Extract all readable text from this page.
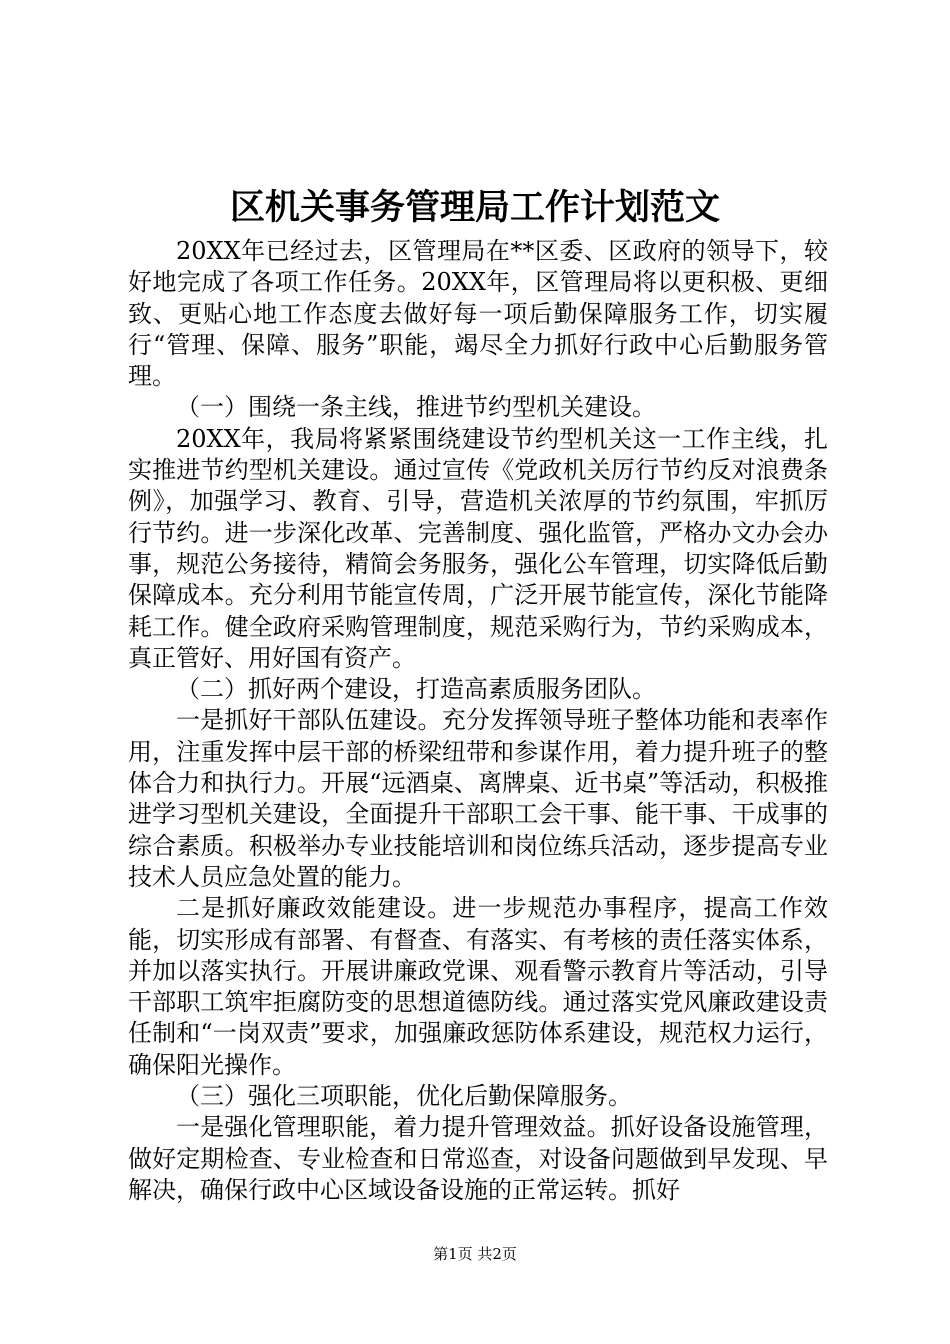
区机关事务管理局工作计划范文

20XX年已经过去，区管理局在**区委、区政府的领导下，较好地完成了各项工作任务。20XX年，区管理局将以更积极、更细致、更贴心地工作态度去做好每一项后勤保障服务工作，切实履行“管理、保障、服务”职能，竭尽全力抓好行政中心后勤服务管理。

（一）围绕一条主线，推进节约型机关建设。

20XX年，我局将紧紧围绕建设节约型机关这一工作主线，扎实推进节约型机关建设。通过宣传《党政机关厉行节约反对浪费条例》，加强学习、教育、引导，营造机关浓厚的节约氛围，牢抓厉行节约。进一步深化改革、完善制度、强化监管，严格办文办会办事，规范公务接待，精简会务服务，强化公车管理，切实降低后勤保障成本。充分利用节能宣传周，广泛开展节能宣传，深化节能降耗工作。健全政府采购管理制度，规范采购行为，节约采购成本，真正管好、用好国有资产。

（二）抓好两个建设，打造高素质服务团队。

一是抓好干部队伍建设。充分发挥领导班子整体功能和表率作用，注重发挥中层干部的桥梁纽带和参谋作用，着力提升班子的整体合力和执行力。开展“远酒桌、离牌桌、近书桌”等活动，积极推进学习型机关建设，全面提升干部职工会干事、能干事、干成事的综合素质。积极举办专业技能培训和岗位练兵活动，逐步提高专业技术人员应急处置的能力。

二是抓好廉政效能建设。进一步规范办事程序，提高工作效能，切实形成有部署、有督查、有落实、有考核的责任落实体系，并加以落实执行。开展讲廉政党课、观看警示教育片等活动，引导干部职工筑牢拒腐防变的思想道德防线。通过落实党风廉政建设责任制和“一岗双责”要求，加强廉政惩防体系建设，规范权力运行，确保阳光操作。

（三）强化三项职能，优化后勤保障服务。

一是强化管理职能，着力提升管理效益。抓好设备设施管理，做好定期检查、专业检查和日常巡查，对设备问题做到早发现、早解决，确保行政中心区域设备设施的正常运转。抓好

第1页 共2页
